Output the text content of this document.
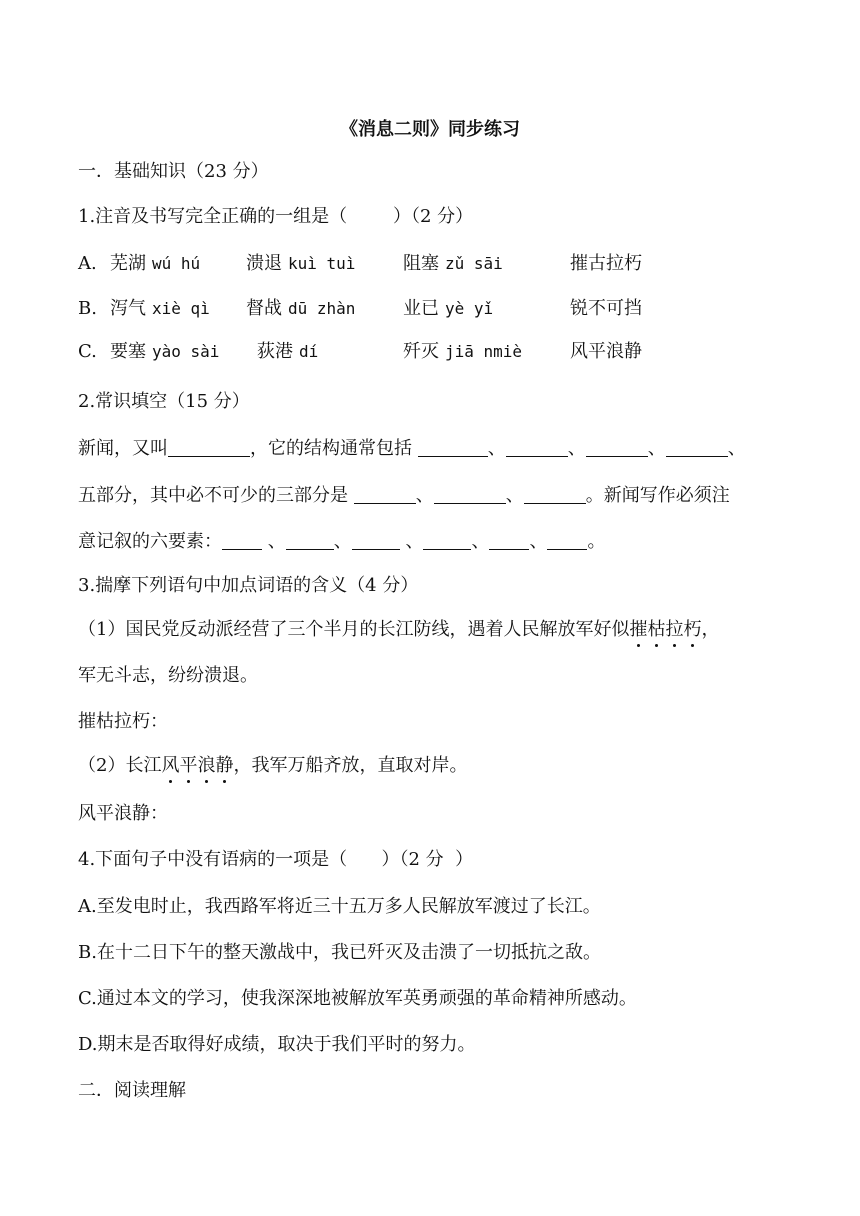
《消息二则》同步练习
一．基础知识（23 分）
1.注音及书写完全正确的一组是（        ）（2 分）
A. 芜湖 wú hú	溃退 kuì tuì	阻塞 zǔ sāi	摧古拉朽
B. 泻气 xiè qì 督战 dū zhàn	业已 yè yǐ	锐不可挡
C. 要塞 yào sài 荻港 dí	歼灭 jiā nmiè	风平浪静
2.常识填空（15 分）
新闻，又叫	，它的结构通常包括	、	、	、	、
五部分，其中必不可少的三部分是	、	、	。新闻写作必须注
意记叙的六要素：	、	、	、	、 、 。
3.揣摩下列语句中加点词语的含义（4 分）
（1）国民党反动派经营了三个半月的长江防线，遇着人民解放军好似摧枯拉朽，
军无斗志，纷纷溃退。
摧枯拉朽：
（2）长江风平浪静，我军万船齐放，直取对岸。
风平浪静：
4.下面句子中没有语病的一项是（      ）（2 分  ）
A.至发电时止，我西路军将近三十五万多人民解放军渡过了长江。
B.在十二日下午的整天激战中，我已歼灭及击溃了一切抵抗之敌。
C.通过本文的学习，使我深深地被解放军英勇顽强的革命精神所感动。
D.期末是否取得好成绩，取决于我们平时的努力。
二．阅读理解
